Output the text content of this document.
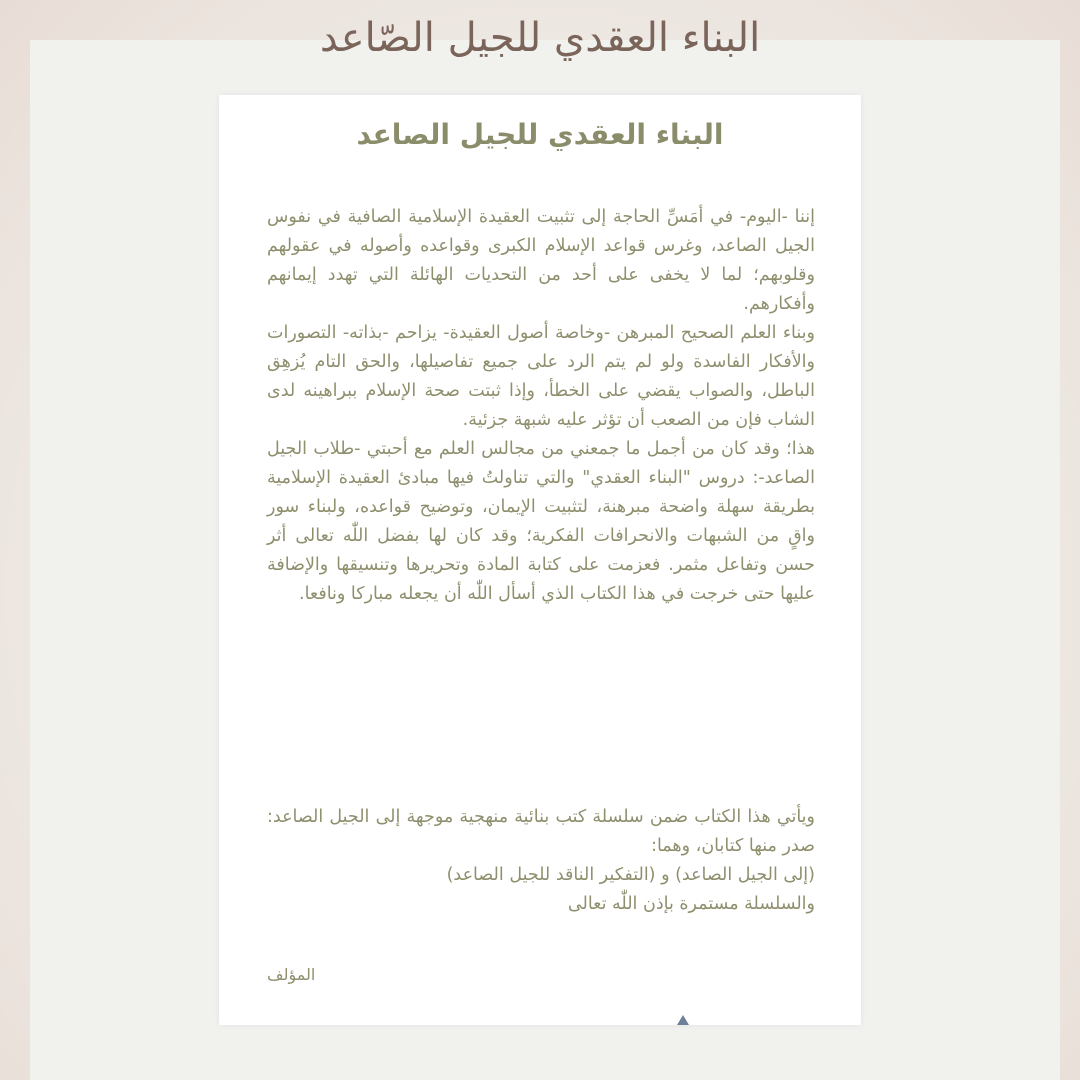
البناء العقدي للجيل الصّاعد
البناء العقدي للجيل الصاعد

إننا -اليوم- في أمَسِّ الحاجة إلى تثبيت العقيدة الإسلامية الصافية في نفوس الجيل الصاعد، وغرس قواعد الإسلام الكبرى وقواعده وأصوله في عقولهم وقلوبهم؛ لما لا يخفى على أحد من التحديات الهائلة التي تهدد إيمانهم وأفكارهم.

وبناء العلم الصحيح المبرهن -وخاصة أصول العقيدة- يزاحم -بذاته- التصورات والأفكار الفاسدة ولو لم يتم الرد على جميع تفاصيلها، والحق التام يُزهِق الباطل، والصواب يقضي على الخطأ، وإذا ثبتت صحة الإسلام ببراهينه لدى الشاب فإن من الصعب أن تؤثر عليه شبهة جزئية.

هذا؛ وقد كان من أجمل ما جمعني من مجالس العلم مع أحبتي -طلاب الجيل الصاعد-: دروس "البناء العقدي" والتي تناولتُ فيها مبادئ العقيدة الإسلامية بطريقة سهلة واضحة مبرهنة، لتثبيت الإيمان، وتوضيح قواعده، ولبناء سور واقٍ من الشبهات والانحرافات الفكرية؛ وقد كان لها بفضل اللّٰه تعالى أثر حسن وتفاعل مثمر. فعزمت على كتابة المادة وتحريرها وتنسيقها والإضافة عليها حتى خرجت في هذا الكتاب الذي أسأل اللّٰه أن يجعله مباركا ونافعا.

ويأتي هذا الكتاب ضمن سلسلة كتب بنائية منهجية موجهة إلى الجيل الصاعد: صدر منها كتابان، وهما:

(إلى الجيل الصاعد) و (التفكير الناقد للجيل الصاعد)

والسلسلة مستمرة بإذن اللّٰه تعالى

المؤلف
